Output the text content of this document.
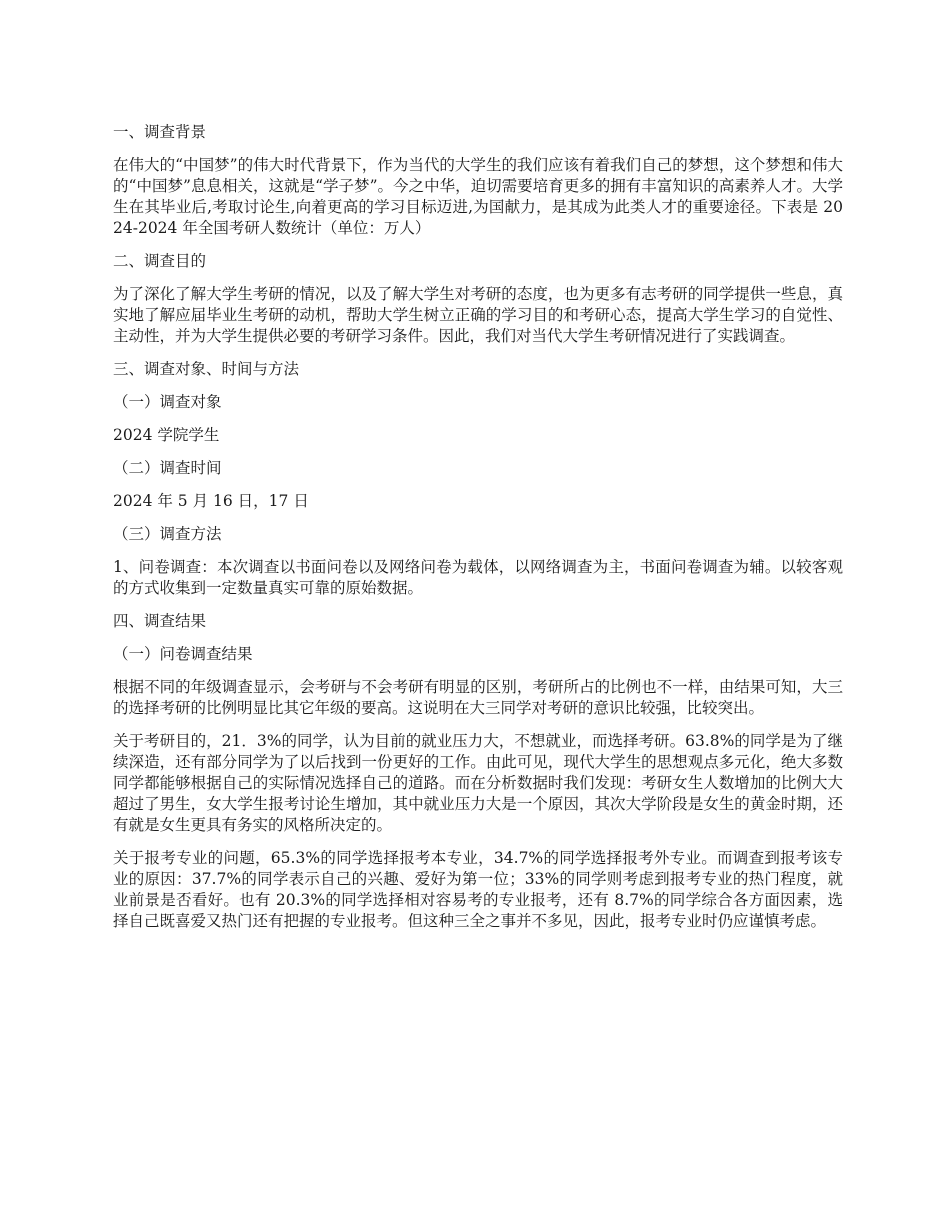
一、调查背景

在伟大的“中国梦”的伟大时代背景下，作为当代的大学生的我们应该有着我们自己的梦想，这个梦想和伟大的“中国梦”息息相关，这就是“学子梦”。今之中华，迫切需要培育更多的拥有丰富知识的高素养人才。大学生在其毕业后,考取讨论生,向着更高的学习目标迈进,为国献力，是其成为此类人才的重要途径。下表是 2024-2024 年全国考研人数统计（单位：万人）

二、调查目的

为了深化了解大学生考研的情况，以及了解大学生对考研的态度，也为更多有志考研的同学提供一些息，真实地了解应届毕业生考研的动机，帮助大学生树立正确的学习目的和考研心态，提高大学生学习的自觉性、主动性，并为大学生提供必要的考研学习条件。因此，我们对当代大学生考研情况进行了实践调查。

三、调查对象、时间与方法

（一）调查对象

2024 学院学生

（二）调查时间

2024 年 5 月 16 日，17 日

（三）调查方法

1、问卷调查：本次调查以书面问卷以及网络问卷为载体，以网络调查为主，书面问卷调查为辅。以较客观的方式收集到一定数量真实可靠的原始数据。

四、调查结果

（一）问卷调查结果

根据不同的年级调查显示，会考研与不会考研有明显的区别，考研所占的比例也不一样，由结果可知，大三的选择考研的比例明显比其它年级的要高。这说明在大三同学对考研的意识比较强，比较突出。

关于考研目的，21．3%的同学，认为目前的就业压力大，不想就业，而选择考研。63.8%的同学是为了继续深造，还有部分同学为了以后找到一份更好的工作。由此可见，现代大学生的思想观点多元化，绝大多数同学都能够根据自己的实际情况选择自己的道路。而在分析数据时我们发现：考研女生人数增加的比例大大超过了男生，女大学生报考讨论生增加，其中就业压力大是一个原因，其次大学阶段是女生的黄金时期，还有就是女生更具有务实的风格所决定的。

关于报考专业的问题，65.3%的同学选择报考本专业，34.7%的同学选择报考外专业。而调查到报考该专业的原因：37.7%的同学表示自己的兴趣、爱好为第一位；33%的同学则考虑到报考专业的热门程度，就业前景是否看好。也有 20.3%的同学选择相对容易考的专业报考，还有 8.7%的同学综合各方面因素，选择自己既喜爱又热门还有把握的专业报考。但这种三全之事并不多见，因此，报考专业时仍应谨慎考虑。
